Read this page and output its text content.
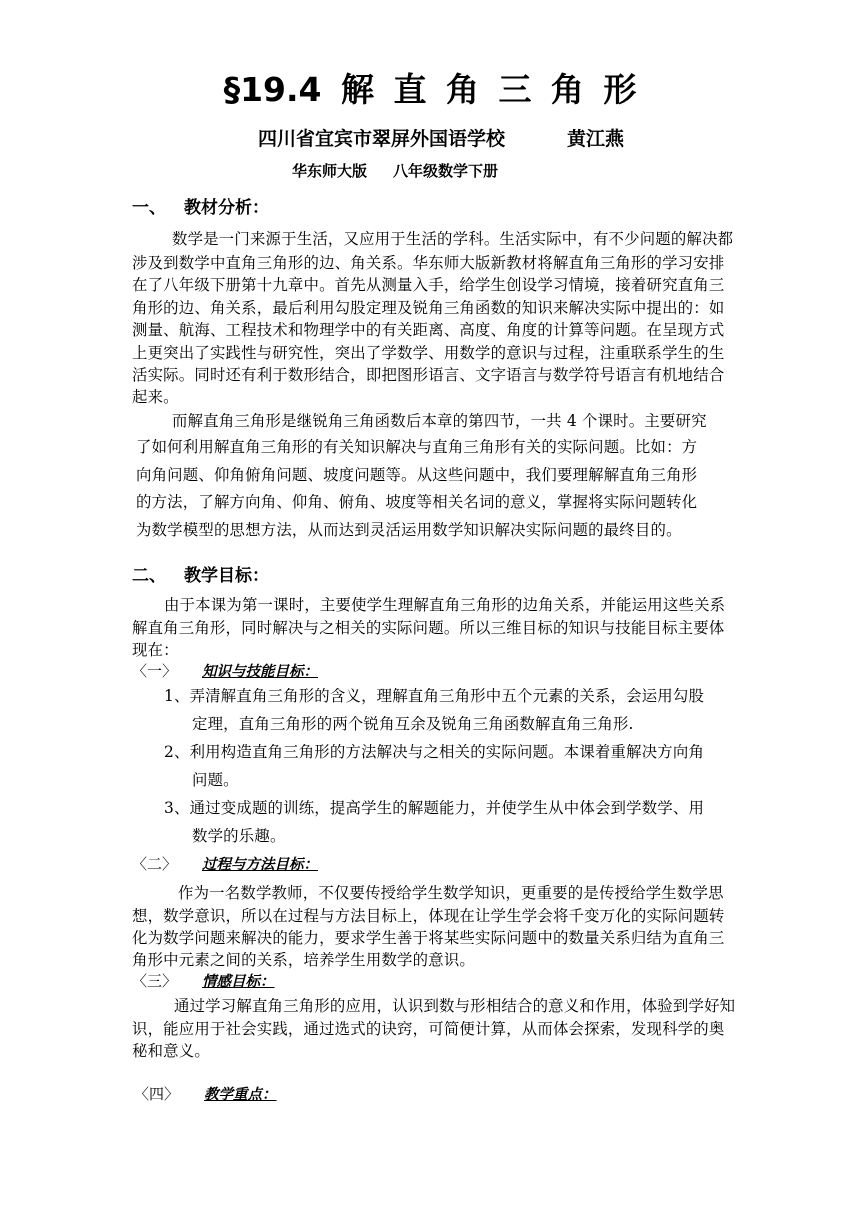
§19.4 解 直 角 三 角 形
四川省宜宾市翠屏外国语学校	黄江燕
华东师大版 八年级数学下册
一、 教材分析：
数学是一门来源于生活，又应用于生活的学科。生活实际中，有不少问题的解决都
涉及到数学中直角三角形的边、角关系。华东师大版新教材将解直角三角形的学习安排
在了八年级下册第十九章中。首先从测量入手，给学生创设学习情境，接着研究直角三
角形的边、角关系，最后利用勾股定理及锐角三角函数的知识来解决实际中提出的：如
测量、航海、工程技术和物理学中的有关距离、高度、角度的计算等问题。在呈现方式
上更突出了实践性与研究性，突出了学数学、用数学的意识与过程，注重联系学生的生
活实际。同时还有利于数形结合，即把图形语言、文字语言与数学符号语言有机地结合
起来。
而解直角三角形是继锐角三角函数后本章的第四节，一共 4 个课时。主要研究
了如何利用解直角三角形的有关知识解决与直角三角形有关的实际问题。比如：方
向角问题、仰角俯角问题、坡度问题等。从这些问题中，我们要理解解直角三角形
的方法，了解方向角、仰角、俯角、坡度等相关名词的意义，掌握将实际问题转化
为数学模型的思想方法，从而达到灵活运用数学知识解决实际问题的最终目的。
二、 教学目标：
由于本课为第一课时，主要使学生理解直角三角形的边角关系，并能运用这些关系
解直角三角形，同时解决与之相关的实际问题。所以三维目标的知识与技能目标主要体
现在：
〈一〉 知识与技能目标：
1、弄清解直角三角形的含义，理解直角三角形中五个元素的关系，会运用勾股
定理，直角三角形的两个锐角互余及锐角三角函数解直角三角形.
2、利用构造直角三角形的方法解决与之相关的实际问题。本课着重解决方向角
问题。
3、通过变成题的训练，提高学生的解题能力，并使学生从中体会到学数学、用
数学的乐趣。
〈二〉 过程与方法目标：
作为一名数学教师，不仅要传授给学生数学知识，更重要的是传授给学生数学思
想，数学意识，所以在过程与方法目标上，体现在让学生学会将千变万化的实际问题转
化为数学问题来解决的能力，要求学生善于将某些实际问题中的数量关系归结为直角三
角形中元素之间的关系，培养学生用数学的意识。
〈三〉 情感目标：
通过学习解直角三角形的应用，认识到数与形相结合的意义和作用，体验到学好知
识，能应用于社会实践，通过选式的诀窍，可简便计算，从而体会探索，发现科学的奥
秘和意义。
〈四〉 教学重点：
